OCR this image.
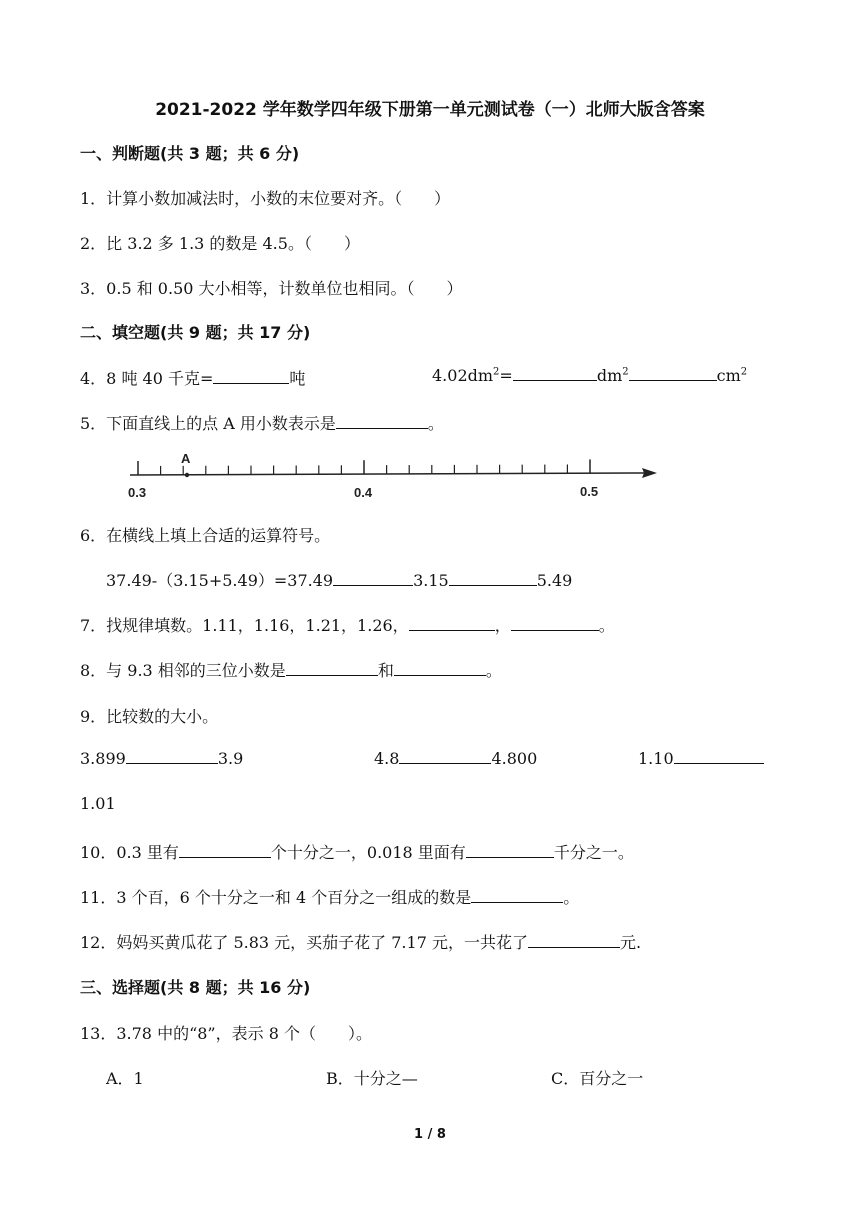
2021-2022 学年数学四年级下册第一单元测试卷（一）北师大版含答案
一、判断题(共 3 题；共 6 分)
1．计算小数加减法时，小数的末位要对齐。（　　）
2．比 3.2 多 1.3 的数是 4.5。（　　）
3．0.5 和 0.50 大小相等，计数单位也相同。（　　）
二、填空题(共 9 题；共 17 分)
4．8 吨 40 千克=	吨	$4.02dm^2=$	$dm^2$	$cm^2$
5．下面直线上的点 A 用小数表示是	。
A
0.3	0.4	0.5
6．在横线上填上合适的运算符号。
37.49-（3.15+5.49）=37.49	3.15	5.49
7．找规律填数。1.11，1.16，1.21，1.26，	，	。
8．与 9.3 相邻的三位小数是	和	。
9．比较数的大小。
3.899	3.9	4.8	4.800	1.10
1.01
10．0.3 里有	个十分之一，0.018 里面有	千分之一。
11．3 个百，6 个十分之一和 4 个百分之一组成的数是	。
12．妈妈买黄瓜花了 5.83 元，买茄子花了 7.17 元，一共花了	元.
三、选择题(共 8 题；共 16 分)
13．3.78 中的“8”，表示 8 个（　　）。
A．1	B．十分之—	C．百分之一
1 / 8
